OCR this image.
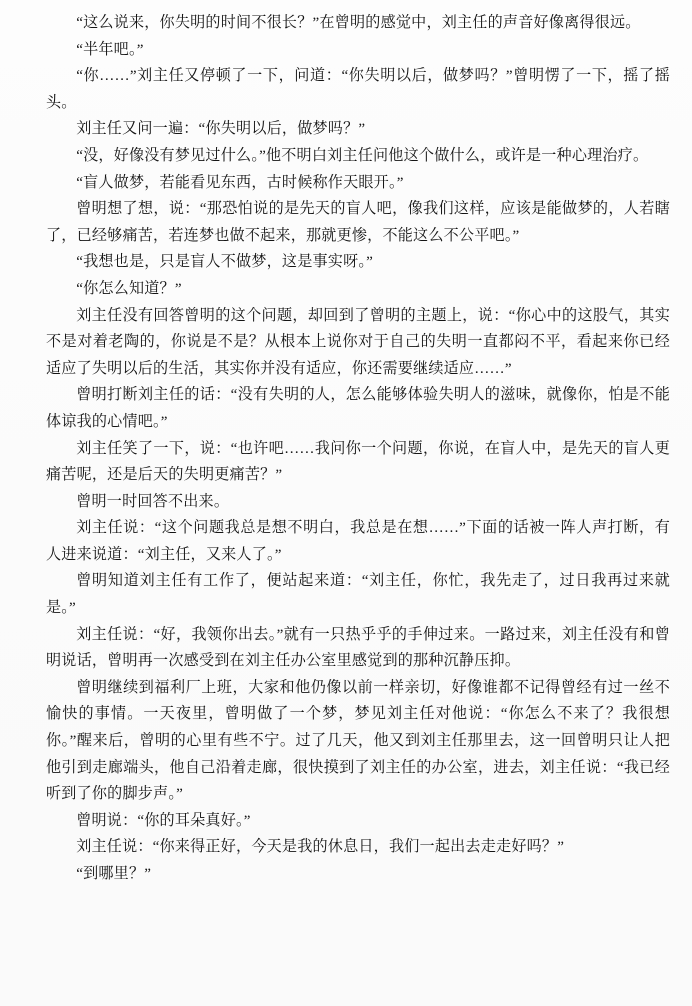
“这么说来，你失明的时间不很长？”在曾明的感觉中，刘主任的声音好像离得很远。

“半年吧。”

“你……”刘主任又停顿了一下，问道：“你失明以后，做梦吗？”曾明愣了一下，摇了摇头。

刘主任又问一遍：“你失明以后，做梦吗？”

“没，好像没有梦见过什么。”他不明白刘主任问他这个做什么，或许是一种心理治疗。

“盲人做梦，若能看见东西，古时候称作天眼开。”

曾明想了想，说：“那恐怕说的是先天的盲人吧，像我们这样，应该是能做梦的，人若瞎了，已经够痛苦，若连梦也做不起来，那就更惨，不能这么不公平吧。”

“我想也是，只是盲人不做梦，这是事实呀。”

“你怎么知道？”

刘主任没有回答曾明的这个问题，却回到了曾明的主题上，说：“你心中的这股气，其实不是对着老陶的，你说是不是？从根本上说你对于自己的失明一直都闷不平，看起来你已经适应了失明以后的生活，其实你并没有适应，你还需要继续适应……”

曾明打断刘主任的话：“没有失明的人，怎么能够体验失明人的滋味，就像你，怕是不能体谅我的心情吧。”

刘主任笑了一下，说：“也许吧……我问你一个问题，你说，在盲人中，是先天的盲人更痛苦呢，还是后天的失明更痛苦？”

曾明一时回答不出来。

刘主任说：“这个问题我总是想不明白，我总是在想……”下面的话被一阵人声打断，有人进来说道：“刘主任，又来人了。”

曾明知道刘主任有工作了，便站起来道：“刘主任，你忙，我先走了，过日我再过来就是。”

刘主任说：“好，我领你出去。”就有一只热乎乎的手伸过来。一路过来，刘主任没有和曾明说话，曾明再一次感受到在刘主任办公室里感觉到的那种沉静压抑。

曾明继续到福利厂上班，大家和他仍像以前一样亲切，好像谁都不记得曾经有过一丝不愉快的事情。一天夜里，曾明做了一个梦，梦见刘主任对他说：“你怎么不来了？我很想你。”醒来后，曾明的心里有些不宁。过了几天，他又到刘主任那里去，这一回曾明只让人把他引到走廊端头，他自己沿着走廊，很快摸到了刘主任的办公室，进去，刘主任说：“我已经听到了你的脚步声。”

曾明说：“你的耳朵真好。”

刘主任说：“你来得正好，今天是我的休息日，我们一起出去走走好吗？”

“到哪里？”
